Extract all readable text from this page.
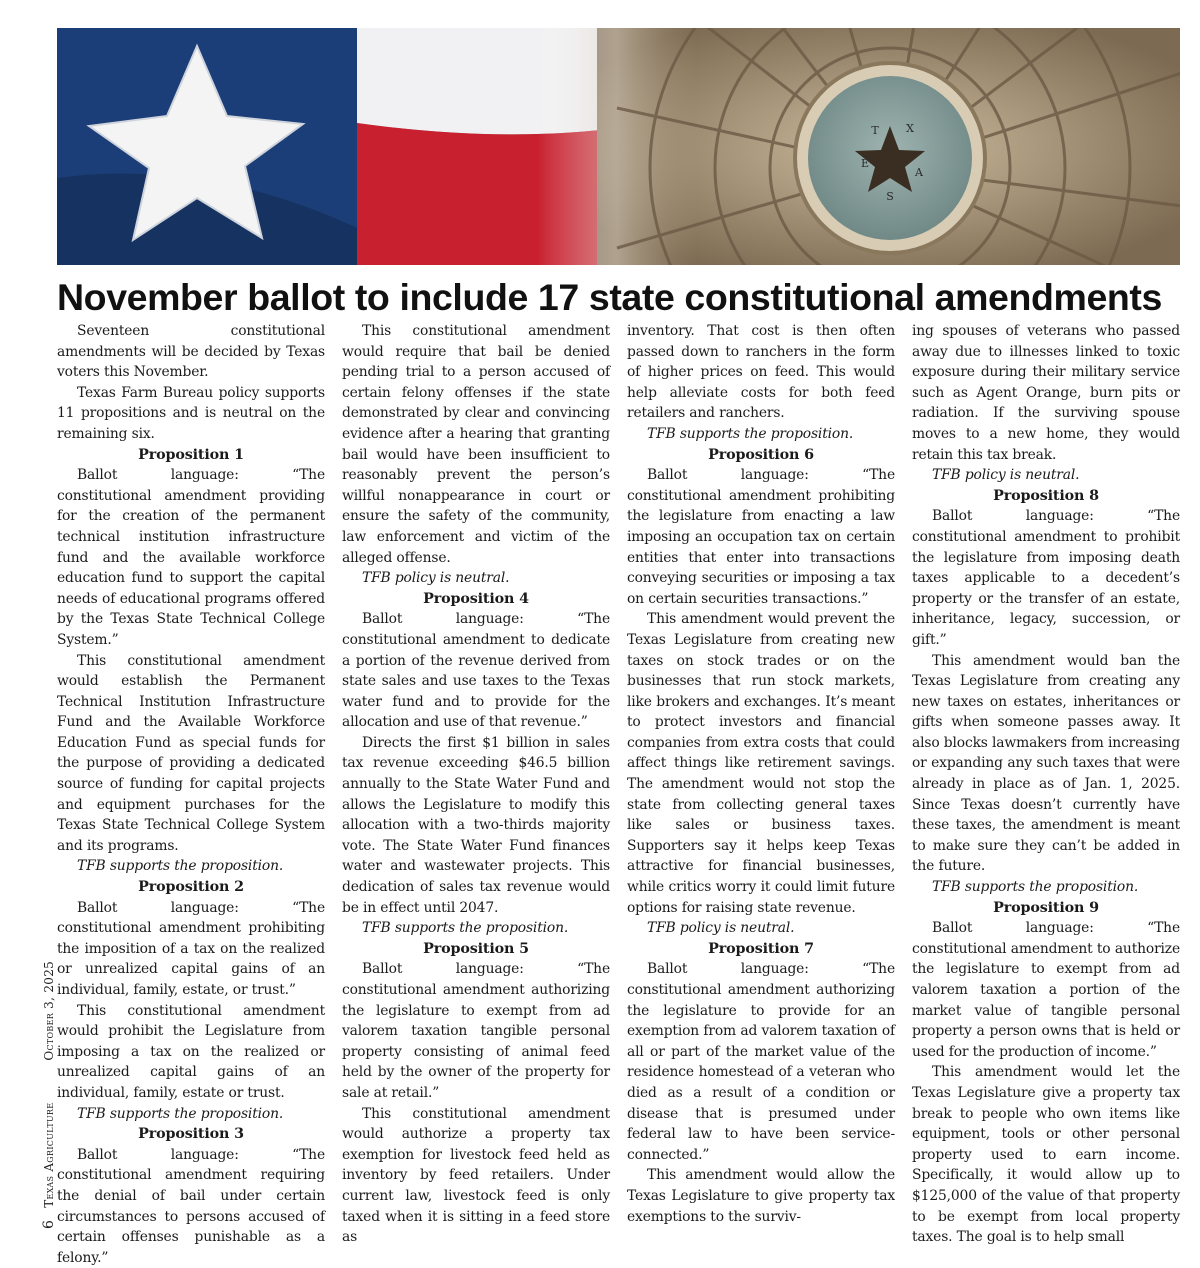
T
E
X
A
S
November ballot to include 17 state constitutional amendments

Seventeen constitutional amendments will be decided by Texas voters this November.

Texas Farm Bureau policy supports 11 propositions and is neutral on the remaining six.

Proposition 1

Ballot language: “The constitutional amendment providing for the creation of the permanent technical institution infrastructure fund and the available workforce education fund to support the capital needs of educational programs offered by the Texas State Technical College System.”

This constitutional amendment would establish the Permanent Technical Institution Infrastructure Fund and the Available Workforce Education Fund as special funds for the purpose of providing a dedicated source of funding for capital projects and equipment purchases for the Texas State Technical College System and its programs.

TFB supports the proposition.

Proposition 2

Ballot language: “The constitutional amendment prohibiting the imposition of a tax on the realized or unrealized capital gains of an individual, family, estate, or trust.”

This constitutional amendment would prohibit the Legislature from imposing a tax on the realized or unrealized capital gains of an individual, family, estate or trust.

TFB supports the proposition.

Proposition 3

Ballot language: “The constitutional amendment requiring the denial of bail under certain circumstances to persons accused of certain offenses punishable as a felony.”

This constitutional amendment would require that bail be denied pending trial to a person accused of certain felony offenses if the state demonstrated by clear and convincing evidence after a hearing that granting bail would have been insufficient to reasonably prevent the person’s willful nonappearance in court or ensure the safety of the community, law enforcement and victim of the alleged offense.

TFB policy is neutral.

Proposition 4

Ballot language: “The constitutional amendment to dedicate a portion of the revenue derived from state sales and use taxes to the Texas water fund and to provide for the allocation and use of that revenue.”

Directs the first $1 billion in sales tax revenue exceeding $46.5 billion annually to the State Water Fund and allows the Legislature to modify this allocation with a two-thirds majority vote. The State Water Fund finances water and wastewater projects. This dedication of sales tax revenue would be in effect until 2047.

TFB supports the proposition.

Proposition 5

Ballot language: “The constitutional amendment authorizing the legislature to exempt from ad valorem taxation tangible personal property consisting of animal feed held by the owner of the property for sale at retail.”

This constitutional amendment would authorize a property tax exemption for livestock feed held as inventory by feed retailers. Under current law, livestock feed is only taxed when it is sitting in a feed store as

inventory. That cost is then often passed down to ranchers in the form of higher prices on feed. This would help alleviate costs for both feed retailers and ranchers.

TFB supports the proposition.

Proposition 6

Ballot language: “The constitutional amendment prohibiting the legislature from enacting a law imposing an occupation tax on certain entities that enter into transactions conveying securities or imposing a tax on certain securities transactions.”

This amendment would prevent the Texas Legislature from creating new taxes on stock trades or on the businesses that run stock markets, like brokers and exchanges. It’s meant to protect investors and financial companies from extra costs that could affect things like retirement savings. The amendment would not stop the state from collecting general taxes like sales or business taxes. Supporters say it helps keep Texas attractive for financial businesses, while critics worry it could limit future options for raising state revenue.

TFB policy is neutral.

Proposition 7

Ballot language: “The constitutional amendment authorizing the legislature to provide for an exemption from ad valorem taxation of all or part of the market value of the residence homestead of a veteran who died as a result of a condition or disease that is presumed under federal law to have been service-connected.”

This amendment would allow the Texas Legislature to give property tax exemptions to the surviv-

ing spouses of veterans who passed away due to illnesses linked to toxic exposure during their military service such as Agent Orange, burn pits or radiation. If the surviving spouse moves to a new home, they would retain this tax break.

TFB policy is neutral.

Proposition 8

Ballot language: “The constitutional amendment to prohibit the legislature from imposing death taxes applicable to a decedent’s property or the transfer of an estate, inheritance, legacy, succession, or gift.”

This amendment would ban the Texas Legislature from creating any new taxes on estates, inheritances or gifts when someone passes away. It also blocks lawmakers from increasing or expanding any such taxes that were already in place as of Jan. 1, 2025. Since Texas doesn’t currently have these taxes, the amendment is meant to make sure they can’t be added in the future.

TFB supports the proposition.

Proposition 9

Ballot language: “The constitutional amendment to authorize the legislature to exempt from ad valorem taxation a portion of the market value of tangible personal property a person owns that is held or used for the production of income.”

This amendment would let the Texas Legislature give a property tax break to people who own items like equipment, tools or other personal property used to earn income. Specifically, it would allow up to $125,000 of the value of that property to be exempt from local property taxes. The goal is to help small

6Texas AgricultureOctober 3, 2025
